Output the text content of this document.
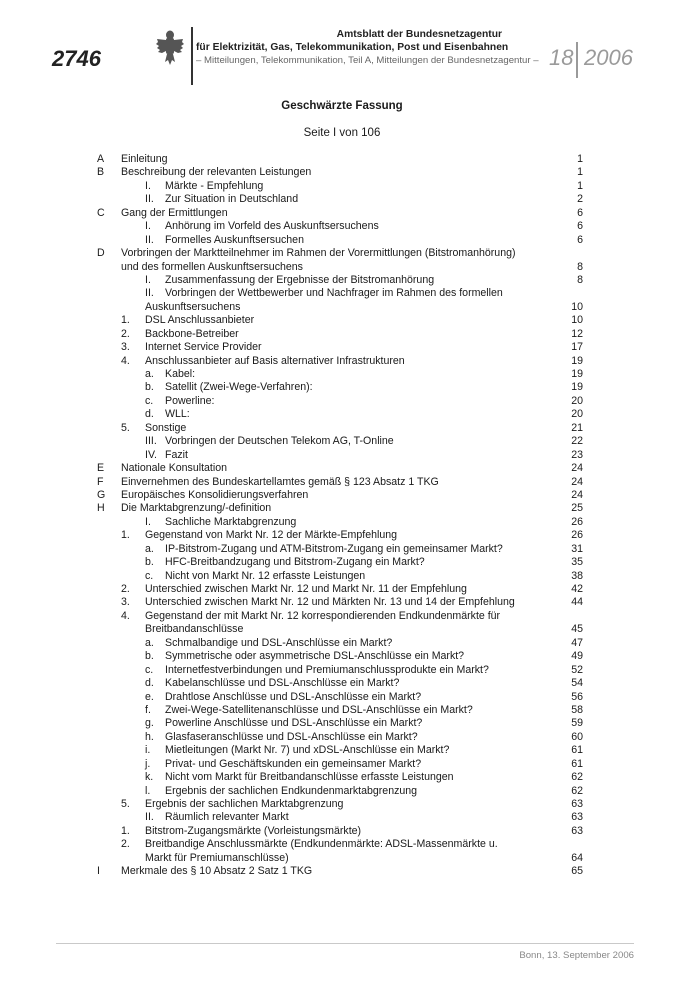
2746
Amtsblatt der Bundesnetzagentur
für Elektrizität, Gas, Telekommunikation, Post und Eisenbahnen
– Mitteilungen, Telekommunikation, Teil A, Mitteilungen der Bundesnetzagentur – 18 2006
Geschwärzte Fassung
Seite I von 106
A Einleitung	1
B Beschreibung der relevanten Leistungen	1
I. Märkte - Empfehlung	1
II. Zur Situation in Deutschland	2
C Gang der Ermittlungen	6
I. Anhörung im Vorfeld des Auskunftsersuchens	6
II. Formelles Auskunftsersuchen	6
D Vorbringen der Marktteilnehmer im Rahmen der Vorermittlungen (Bitstromanhörung)
und des formellen Auskunftsersuchens	8
I. Zusammenfassung der Ergebnisse der Bitstromanhörung	8
II. Vorbringen der Wettbewerber und Nachfrager im Rahmen des formellen
Auskunftsersuchens	10
1. DSL Anschlussanbieter	10
2. Backbone-Betreiber	12
3. Internet Service Provider	17
4. Anschlussanbieter auf Basis alternativer Infrastrukturen	19
a. Kabel:	19
b. Satellit (Zwei-Wege-Verfahren):	19
c. Powerline:	20
d. WLL:	20
5. Sonstige	21
III. Vorbringen der Deutschen Telekom AG, T-Online	22
IV. Fazit	23
E Nationale Konsultation	24
F Einvernehmen des Bundeskartellamtes gemäß § 123 Absatz 1 TKG	24
G Europäisches Konsolidierungsverfahren	24
H Die Marktabgrenzung/-definition	25
I. Sachliche Marktabgrenzung	26
1. Gegenstand von Markt Nr. 12 der Märkte-Empfehlung	26
a. IP-Bitstrom-Zugang und ATM-Bitstrom-Zugang ein gemeinsamer Markt?	31
b. HFC-Breitbandzugang und Bitstrom-Zugang ein Markt?	35
c. Nicht von Markt Nr. 12 erfasste Leistungen	38
2. Unterschied zwischen Markt Nr. 12 und Markt Nr. 11 der Empfehlung	42
3. Unterschied zwischen Markt Nr. 12 und Märkten Nr. 13 und 14 der Empfehlung	44
4. Gegenstand der mit Markt Nr. 12 korrespondierenden Endkundenmärkte für
Breitbandanschlüsse	45
a. Schmalbandige und DSL-Anschlüsse ein Markt?	47
b. Symmetrische oder asymmetrische DSL-Anschlüsse ein Markt?	49
c. Internetfestverbindungen und Premiumanschlussprodukte ein Markt?	52
d. Kabelanschlüsse und DSL-Anschlüsse ein Markt?	54
e. Drahtlose Anschlüsse und DSL-Anschlüsse ein Markt?	56
f. Zwei-Wege-Satellitenanschlüsse und DSL-Anschlüsse ein Markt?	58
g. Powerline Anschlüsse und DSL-Anschlüsse ein Markt?	59
h. Glasfaseranschlüsse und DSL-Anschlüsse ein Markt?	60
i. Mietleitungen (Markt Nr. 7) und xDSL-Anschlüsse ein Markt?	61
j. Privat- und Geschäftskunden ein gemeinsamer Markt?	61
k. Nicht vom Markt für Breitbandanschlüsse erfasste Leistungen	62
l. Ergebnis der sachlichen Endkundenmarktabgrenzung	62
5. Ergebnis der sachlichen Marktabgrenzung	63
II. Räumlich relevanter Markt	63
1. Bitstrom-Zugangsmärkte (Vorleistungsmärkte)	63
2. Breitbandige Anschlussmärkte (Endkundenmärkte: ADSL-Massenmärkte u.
Markt für Premiumanschlüsse)	64
I Merkmale des § 10 Absatz 2 Satz 1 TKG	65
Bonn, 13. September 2006
